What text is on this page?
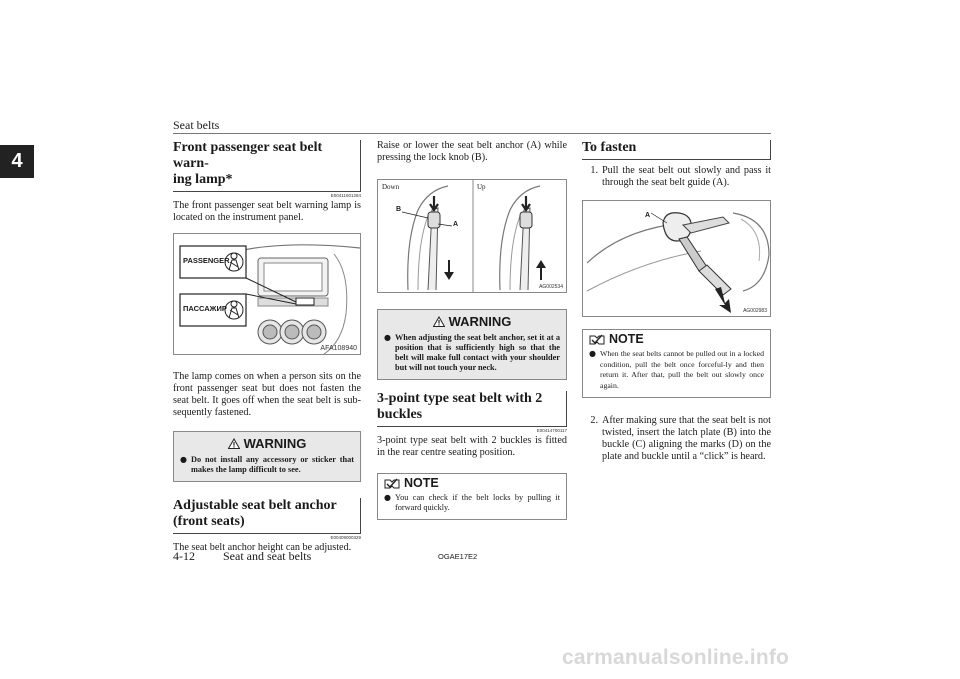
Seat belts
4
Front passenger seat belt warn-
ing lamp*
E00411601284

The front passenger seat belt warning lamp is located on the instrument panel.

PASSENGER
ПАССАЖИР
AFA108940

The lamp comes on when a person sits on the front passenger seat but does not fasten the seat belt. It goes off when the seat belt is sub-sequently fastened.

WARNING
● Do not install any accessory or sticker that makes the lamp difficult to see.
Adjustable seat belt anchor
(front seats)
E00409000329

The seat belt anchor height can be adjusted.

Raise or lower the seat belt anchor (A) while pressing the lock knob (B).

Down	Up
B
A
AG002534
WARNING
● When adjusting the seat belt anchor, set it at a position that is sufficiently high so that the belt will make full contact with your shoulder but will not touch your neck.
3-point type seat belt with 2
buckles
E00414700117

3-point type seat belt with 2 buckles is fitted in the rear centre seating position.

NOTE
● You can check if the belt locks by pulling it forward quickly.
To fasten
1. Pull the seat belt out slowly and pass it through the seat belt guide (A).
A
AG002983
NOTE
● When the seat belts cannot be pulled out in a locked condition, pull the belt once forceful-ly and then return it. After that, pull the belt out slowly once again.
2. After making sure that the seat belt is not twisted, insert the latch plate (B) into the buckle (C) aligning the marks (D) on the plate and buckle until a “click” is heard.
4-12 Seat and seat belts	OGAE17E2
carmanualsonline.info
